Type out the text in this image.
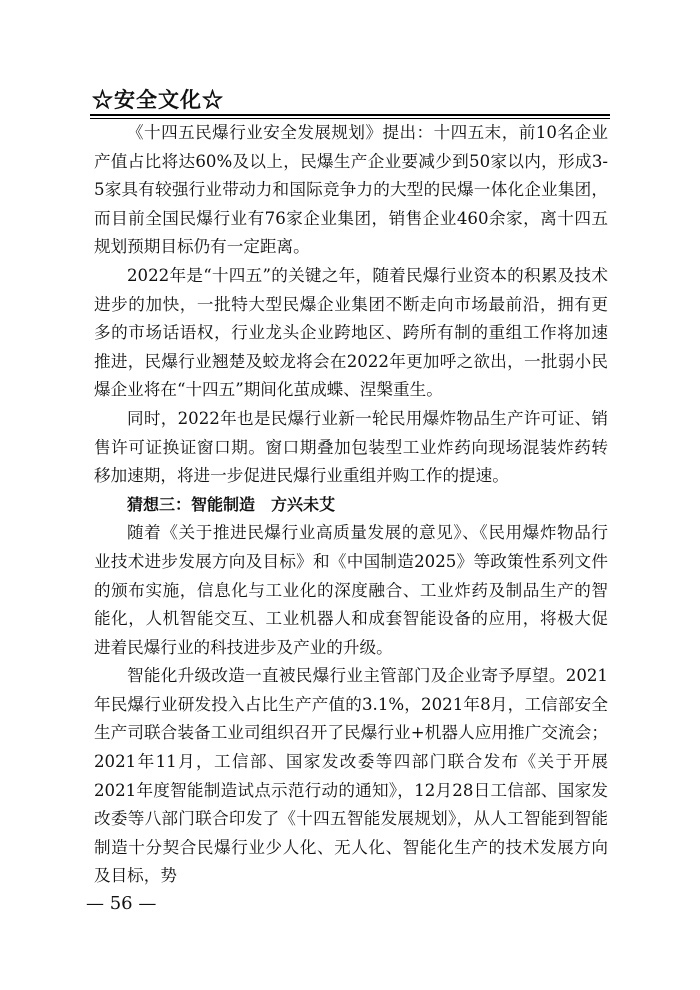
☆安全文化☆

《十四五民爆行业安全发展规划》提出：十四五末，前10名企业产值占比将达60%及以上，民爆生产企业要减少到50家以内，形成3-5家具有较强行业带动力和国际竞争力的大型的民爆一体化企业集团，而目前全国民爆行业有76家企业集团，销售企业460余家，离十四五规划预期目标仍有一定距离。

2022年是“十四五”的关键之年，随着民爆行业资本的积累及技术进步的加快，一批特大型民爆企业集团不断走向市场最前沿，拥有更多的市场话语权，行业龙头企业跨地区、跨所有制的重组工作将加速推进，民爆行业翘楚及蛟龙将会在2022年更加呼之欲出，一批弱小民爆企业将在“十四五”期间化茧成蝶、涅槃重生。

同时，2022年也是民爆行业新一轮民用爆炸物品生产许可证、销售许可证换证窗口期。窗口期叠加包装型工业炸药向现场混装炸药转移加速期，将进一步促进民爆行业重组并购工作的提速。

猜想三：智能制造　方兴未艾

随着《关于推进民爆行业高质量发展的意见》、《民用爆炸物品行业技术进步发展方向及目标》和《中国制造2025》等政策性系列文件的颁布实施，信息化与工业化的深度融合、工业炸药及制品生产的智能化，人机智能交互、工业机器人和成套智能设备的应用，将极大促进着民爆行业的科技进步及产业的升级。

智能化升级改造一直被民爆行业主管部门及企业寄予厚望。2021年民爆行业研发投入占比生产产值的3.1%，2021年8月，工信部安全生产司联合装备工业司组织召开了民爆行业+机器人应用推广交流会；2021年11月，工信部、国家发改委等四部门联合发布《关于开展2021年度智能制造试点示范行动的通知》，12月28日工信部、国家发改委等八部门联合印发了《十四五智能发展规划》，从人工智能到智能制造十分契合民爆行业少人化、无人化、智能化生产的技术发展方向及目标，势

— 56 —
